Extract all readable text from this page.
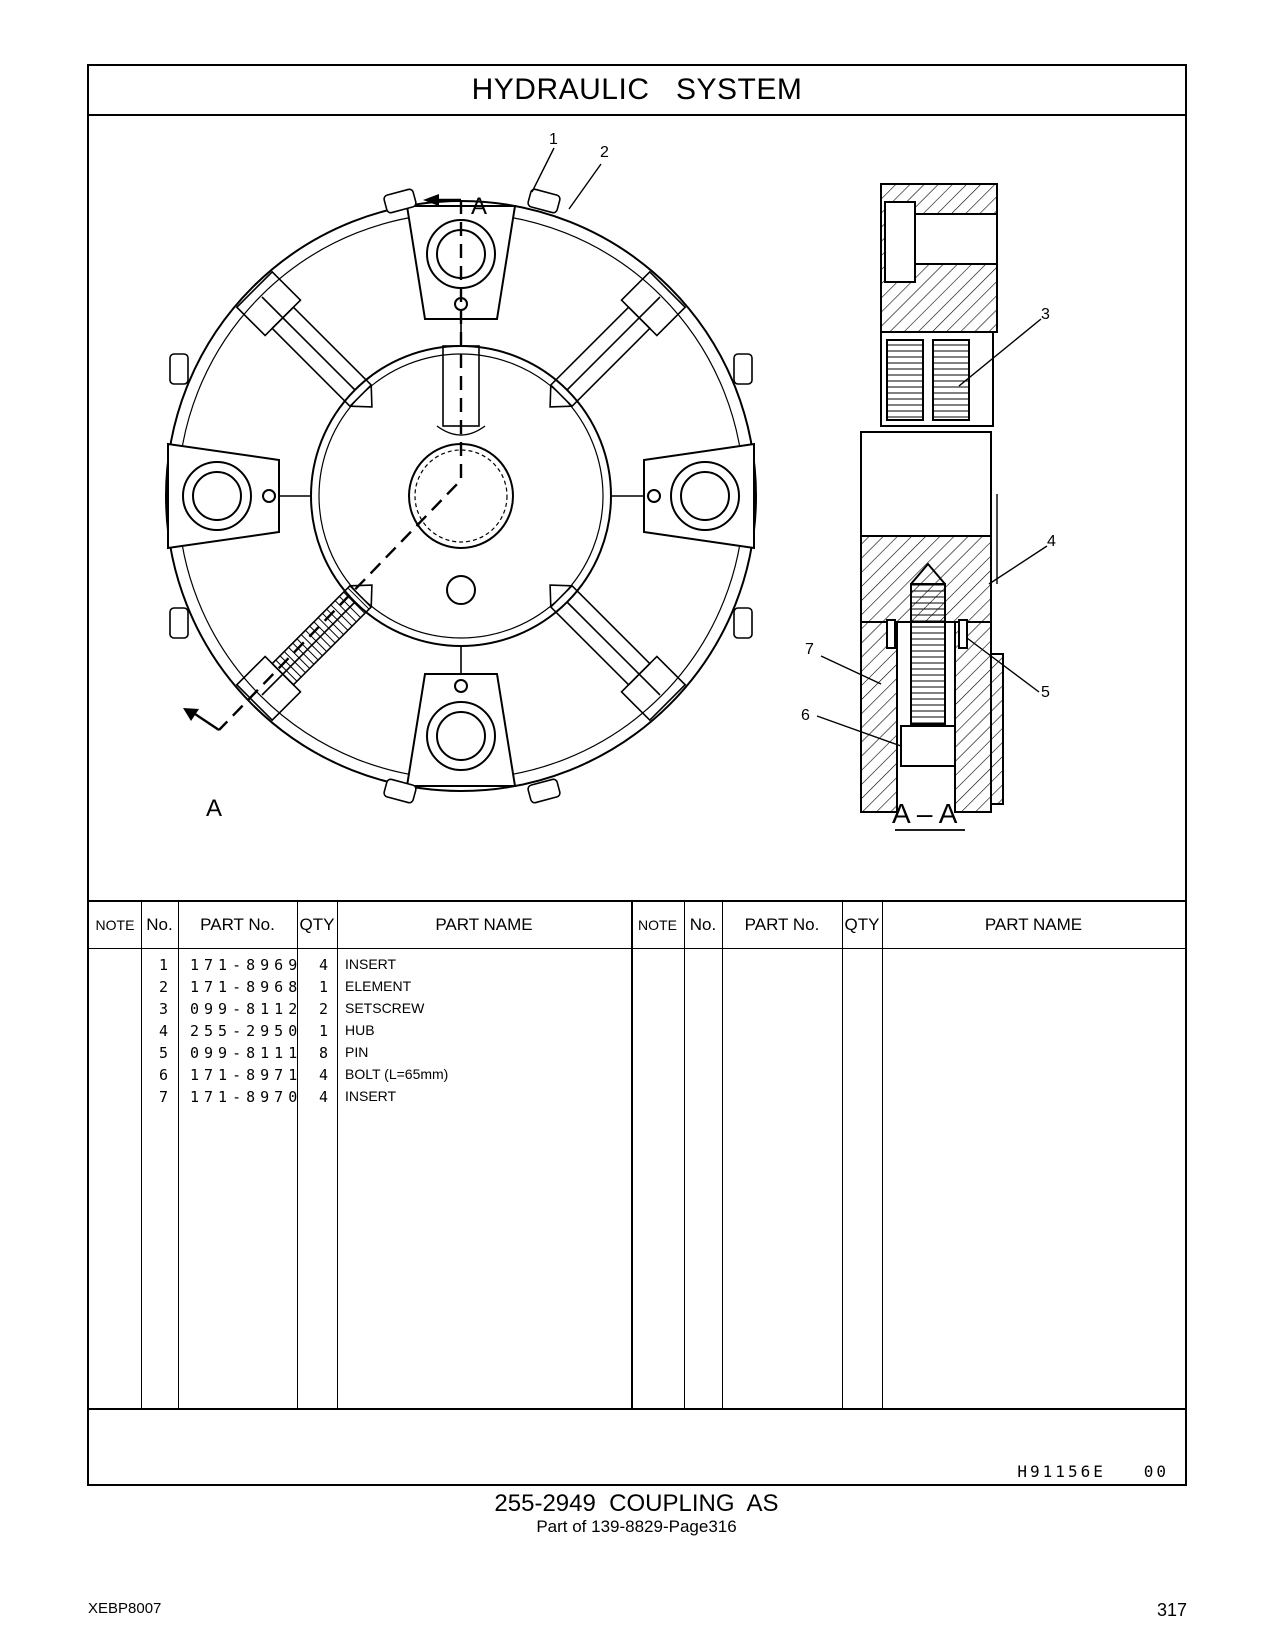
HYDRAULIC   SYSTEM
A
A	A – A
1
2
3
4
5
6
7
NOTE No.	PART No.	QTY	PART NAME	NOTE No.	PART No.	QTY	PART NAME
1 171-8969 4 INSERT
2 171-8968 1 ELEMENT
3 099-8112 2 SETSCREW
4 255-2950 1 HUB
5 099-8111 8 PIN
6 171-8971 4 BOLT (L=65mm)
7 171-8970 4 INSERT
H91156E   00
255-2949  COUPLING  AS
Part of 139-8829-Page316
XEBP8007	317
